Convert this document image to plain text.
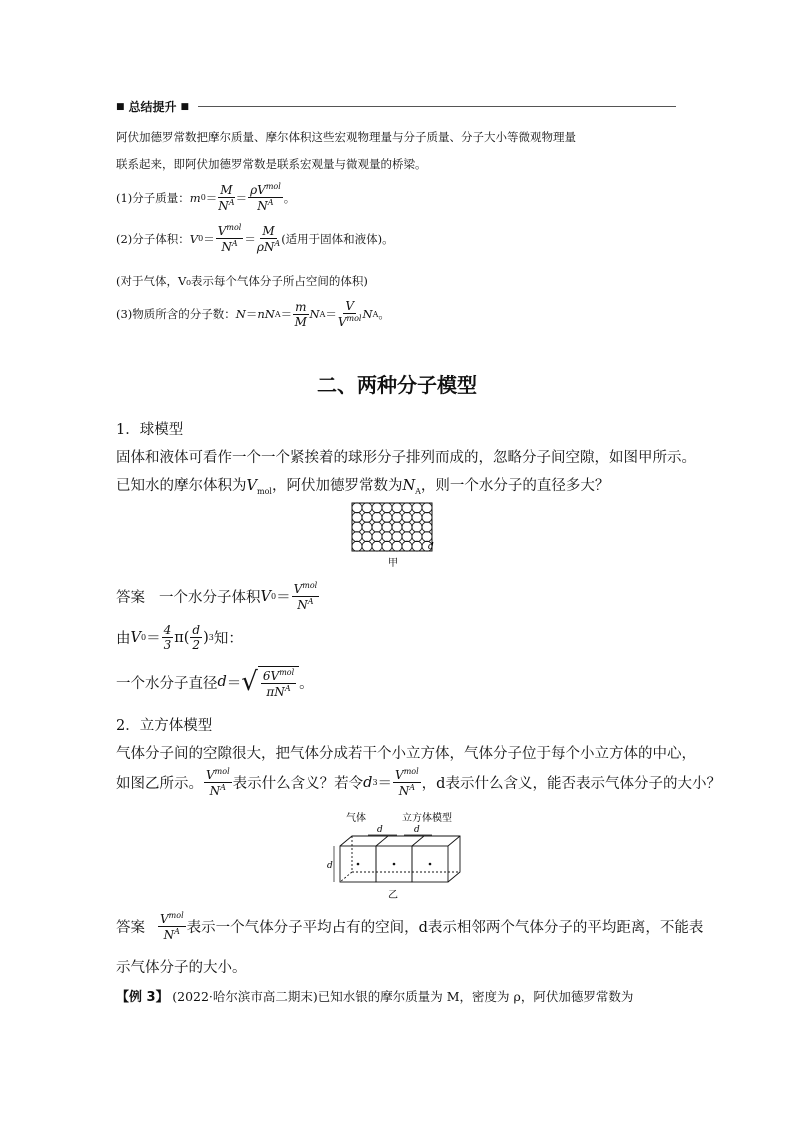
■ 总结提升 ■
阿伏加德罗常数把摩尔质量、摩尔体积这些宏观物理量与分子质量、分子大小等微观物理量
联系起来，即阿伏加德罗常数是联系宏观量与微观量的桥梁。
(1)分子质量： m $0 = \frac{M}{N^A} = \frac{\rho V^{mol}}{N^A}$ 。
(2)分子体积： V $0 = \frac{V^{mol}}{N^A} = \frac{M}{\rho N^A}$ (适用于固体和液体)。
(对于气体，V₀表示每个气体分子所占空间的体积)
(3)物质所含的分子数： N ＝ n N $A = \frac{m}{M}$ N $A = \frac{V}{V^{mol}}$ N A 。
二、两种分子模型
1．球模型
固体和液体可看作一个一个紧挨着的球形分子排列而成的，忽略分子间空隙，如图甲所示。
已知水的摩尔体积为$V_{mol}$，阿伏加德罗常数为$N_A$，则一个水分子的直径多大？
d
甲
答案 一个水分子体积 V $0 = \frac{V^{mol}}{N^A}$
由 V $0 = \frac{4}{3} \pi( \frac{d}{2}$ ) 3 知：
一个水分子直径 d ＝ √ $\frac{6V^{mol}}{\pi N^A}$ 。
2．立方体模型
气体分子间的空隙很大，把气体分成若干个小立方体，气体分子位于每个小立方体的中心，
如图乙所示。 $\frac{V^{mol}}{N^A}$ 表示什么含义？若令 d $3 = \frac{V^{mol}}{N^A}$ ，d表示什么含义，能否表示气体分子的大小？
气体	立方体模型
d	d
d
乙
答案 $\frac{V^{mol}}{N^A}$ 表示一个气体分子平均占有的空间，d表示相邻两个气体分子的平均距离，不能表
示气体分子的大小。
【例 3】 (2022·哈尔滨市高二期末)已知水银的摩尔质量为 M，密度为 ρ，阿伏加德罗常数为
